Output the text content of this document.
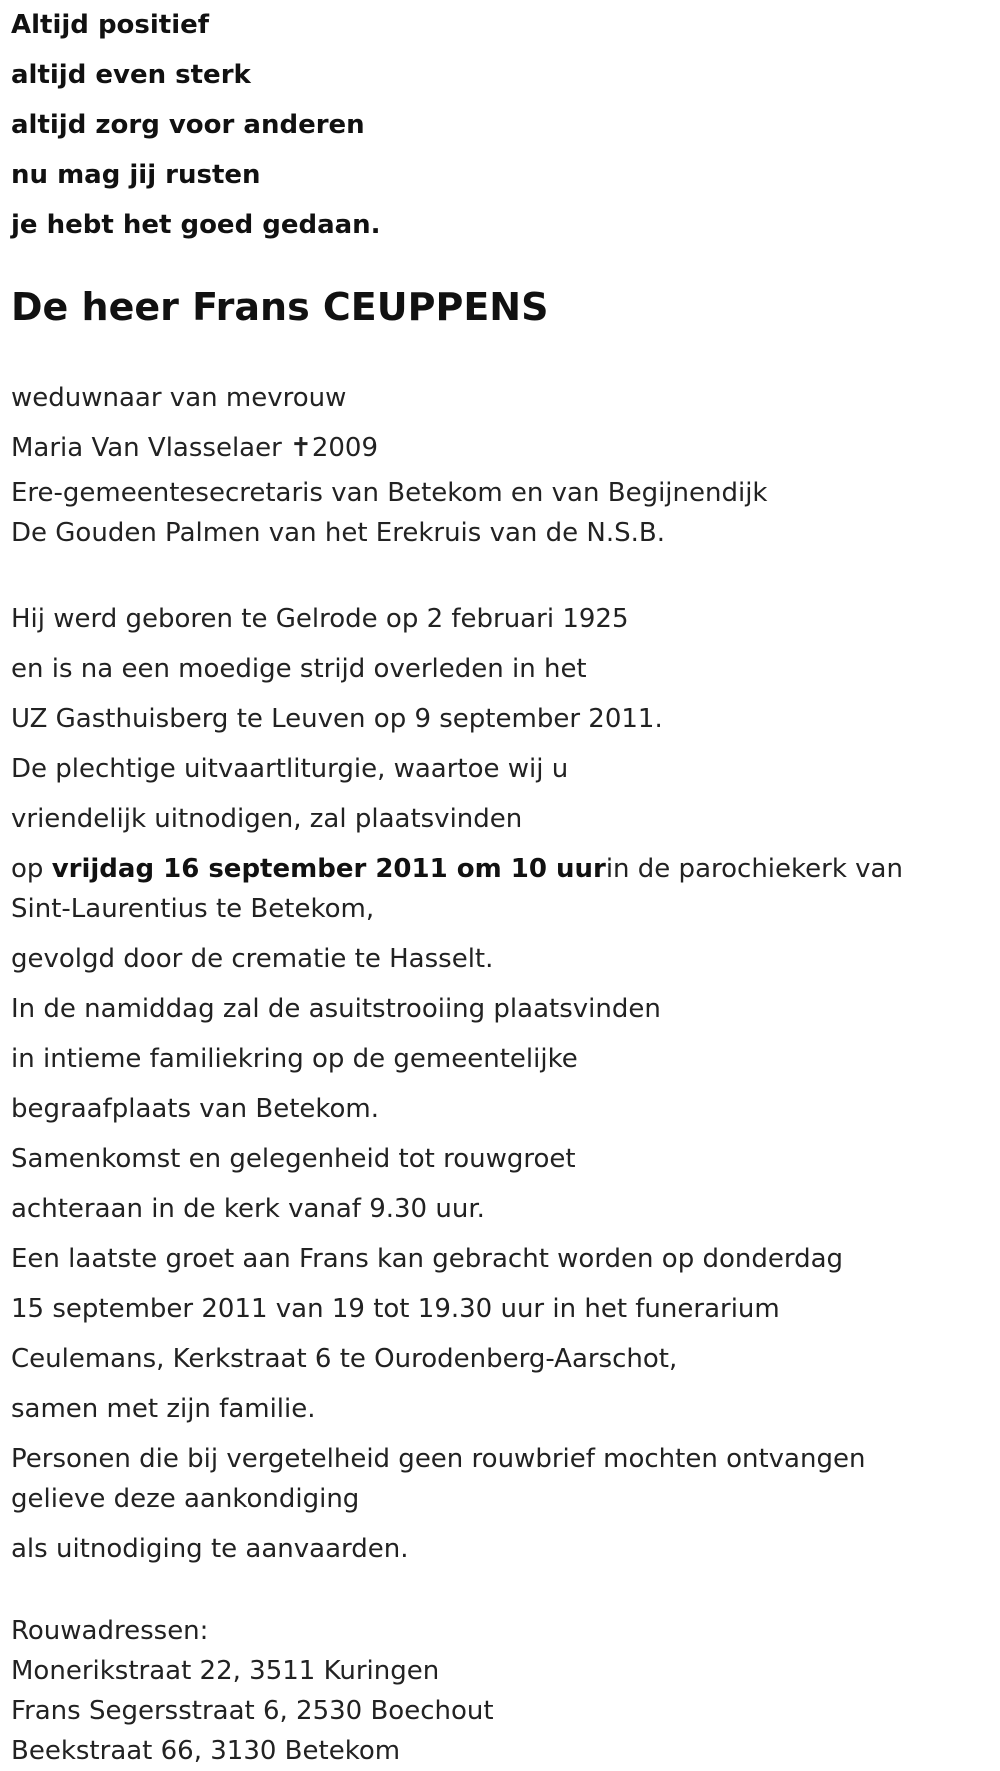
Altijd positief

altijd even sterk

altijd zorg voor anderen

nu mag jij rusten

je hebt het goed gedaan.

De heer Frans CEUPPENS

weduwnaar van mevrouw

Maria Van Vlasselaer ✝2009

Ere-gemeentesecretaris van Betekom en van Begijnendijk

De Gouden Palmen van het Erekruis van de N.S.B.

Hij werd geboren te Gelrode op 2 februari 1925

en is na een moedige strijd overleden in het

UZ Gasthuisberg te Leuven op 9 september 2011.

De plechtige uitvaartliturgie, waartoe wij u

vriendelijk uitnodigen, zal plaatsvinden

op vrijdag 16 september 2011 om 10 uurin de parochiekerk van Sint-Laurentius te Betekom,

gevolgd door de crematie te Hasselt.

In de namiddag zal de asuitstrooiing plaatsvinden

in intieme familiekring op de gemeentelijke

begraafplaats van Betekom.

Samenkomst en gelegenheid tot rouwgroet

achteraan in de kerk vanaf 9.30 uur.

Een laatste groet aan Frans kan gebracht worden op donderdag

15 september 2011 van 19 tot 19.30 uur in het funerarium

Ceulemans, Kerkstraat 6 te Ourodenberg-Aarschot,

samen met zijn familie.

Personen die bij vergetelheid geen rouwbrief mochten ontvangen gelieve deze aankondiging

als uitnodiging te aanvaarden.

Rouwadressen:

Monerikstraat 22, 3511 Kuringen

Frans Segersstraat 6, 2530 Boechout

Beekstraat 66, 3130 Betekom
